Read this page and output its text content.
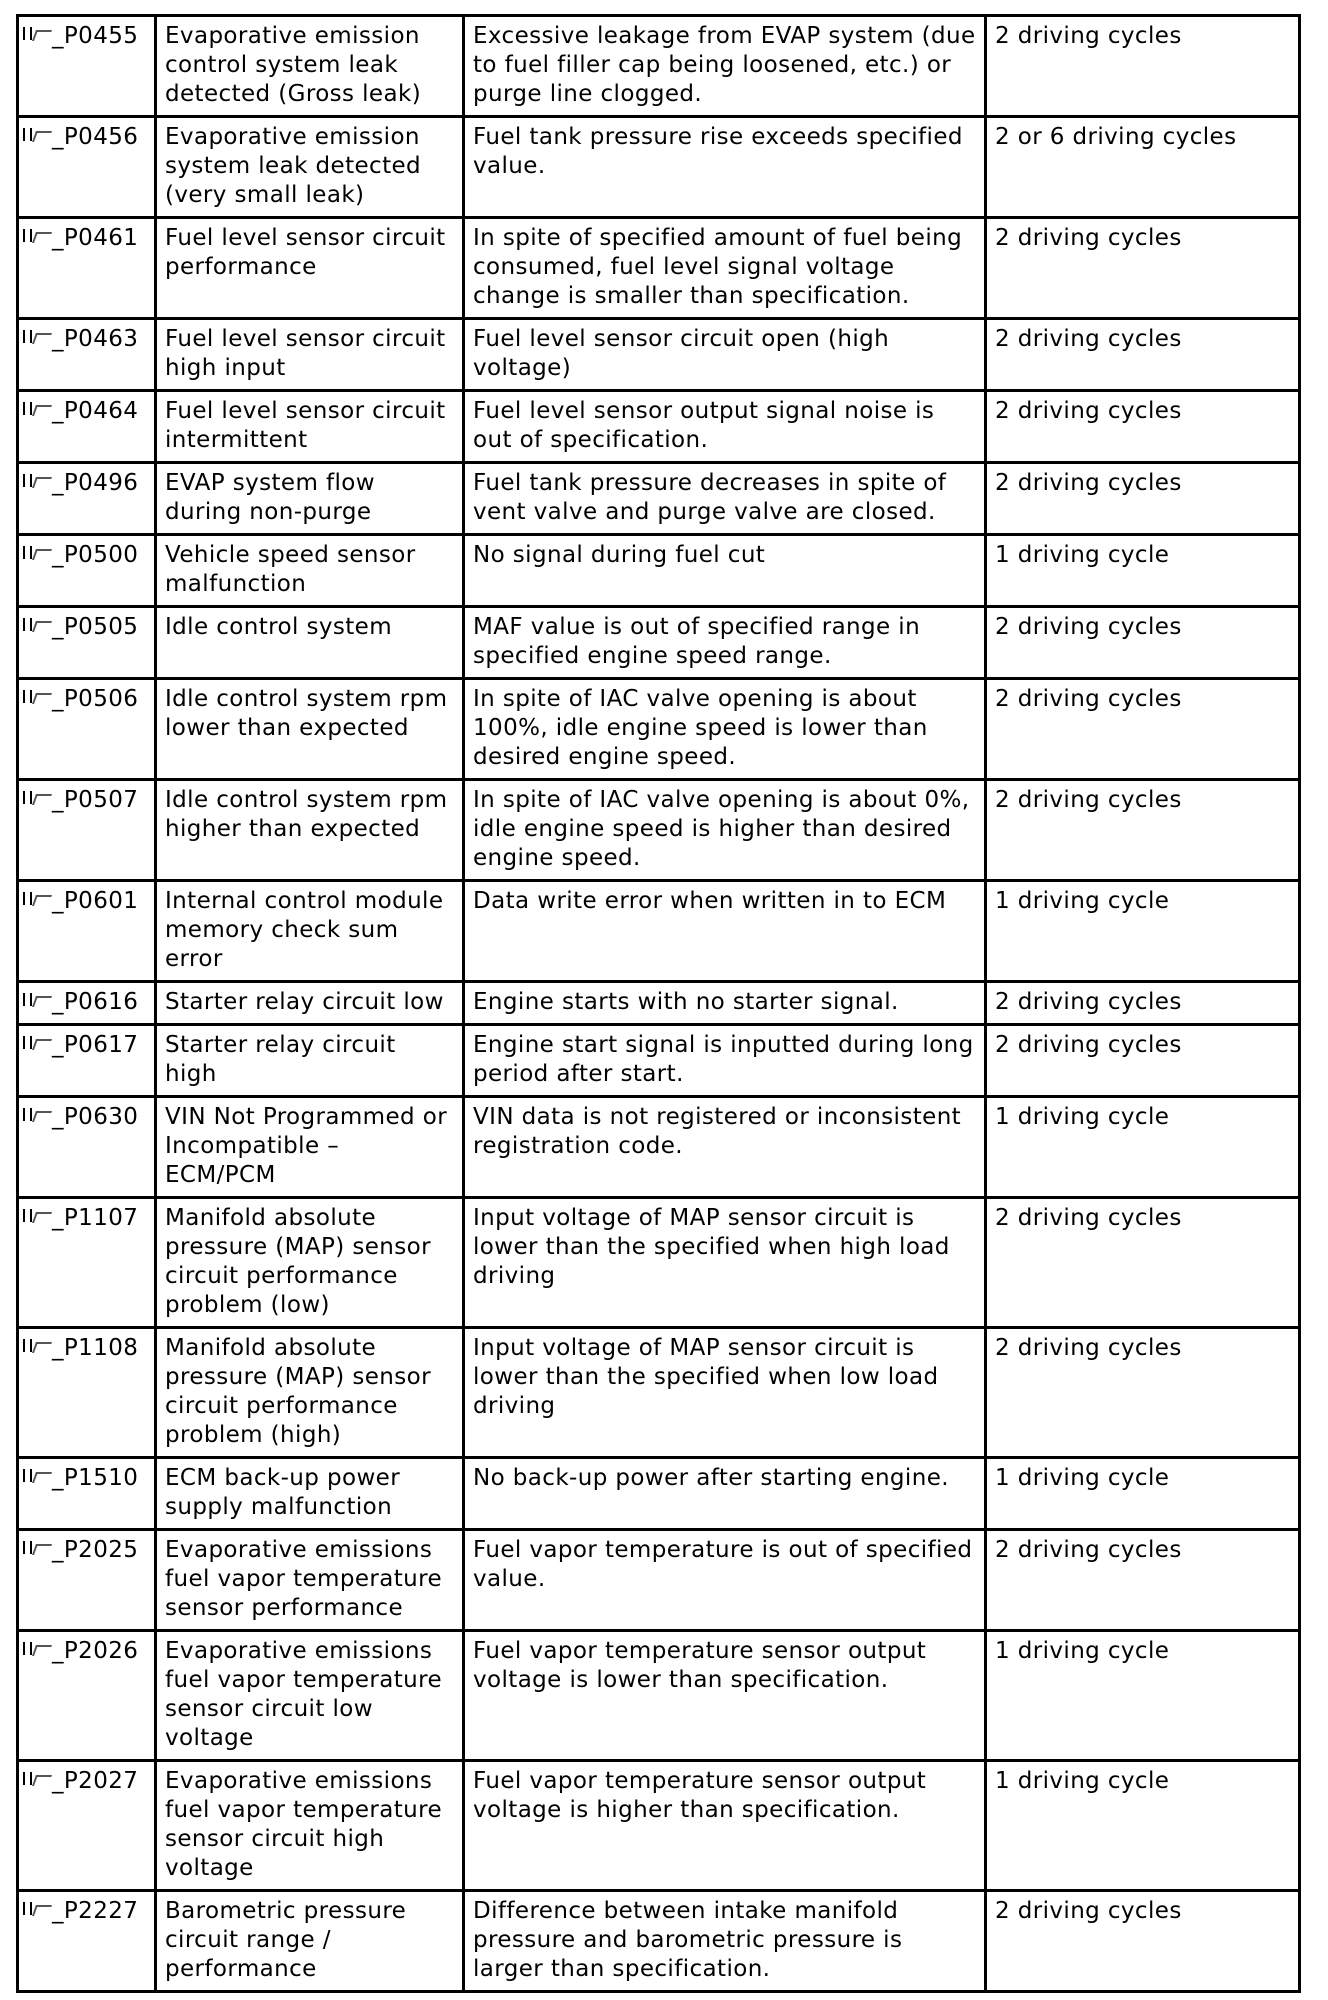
_P0455	Evaporative emission control system leak detected (Gross leak)	Excessive leakage from EVAP system (due to fuel filler cap being loosened, etc.) or purge line clogged.	2 driving cycles
_P0456	Evaporative emission system leak detected (very small leak)	Fuel tank pressure rise exceeds specified value.	2 or 6 driving cycles
_P0461	Fuel level sensor circuit performance	In spite of specified amount of fuel being consumed, fuel level signal voltage change is smaller than specification.	2 driving cycles
_P0463	Fuel level sensor circuit high input	Fuel level sensor circuit open (high voltage)	2 driving cycles
_P0464	Fuel level sensor circuit intermittent	Fuel level sensor output signal noise is out of specification.	2 driving cycles
_P0496	EVAP system flow during non-purge	Fuel tank pressure decreases in spite of vent valve and purge valve are closed.	2 driving cycles
_P0500	Vehicle speed sensor malfunction	No signal during fuel cut	1 driving cycle
_P0505	Idle control system	MAF value is out of specified range in specified engine speed range.	2 driving cycles
_P0506	Idle control system rpm lower than expected	In spite of IAC valve opening is about 100%, idle engine speed is lower than desired engine speed.	2 driving cycles
_P0507	Idle control system rpm higher than expected	In spite of IAC valve opening is about 0%, idle engine speed is higher than desired engine speed.	2 driving cycles
_P0601	Internal control module memory check sum error	Data write error when written in to ECM	1 driving cycle
_P0616	Starter relay circuit low	Engine starts with no starter signal.	2 driving cycles
_P0617	Starter relay circuit high	Engine start signal is inputted during long period after start.	2 driving cycles
_P0630	VIN Not Programmed or Incompatible – ECM/PCM	VIN data is not registered or inconsistent registration code.	1 driving cycle
_P1107	Manifold absolute pressure (MAP) sensor circuit performance problem (low)	Input voltage of MAP sensor circuit is lower than the specified when high load driving	2 driving cycles
_P1108	Manifold absolute pressure (MAP) sensor circuit performance problem (high)	Input voltage of MAP sensor circuit is lower than the specified when low load driving	2 driving cycles
_P1510	ECM back-up power supply malfunction	No back-up power after starting engine.	1 driving cycle
_P2025	Evaporative emissions fuel vapor temperature sensor performance	Fuel vapor temperature is out of specified value.	2 driving cycles
_P2026	Evaporative emissions fuel vapor temperature sensor circuit low voltage	Fuel vapor temperature sensor output voltage is lower than specification.	1 driving cycle
_P2027	Evaporative emissions fuel vapor temperature sensor circuit high voltage	Fuel vapor temperature sensor output voltage is higher than specification.	1 driving cycle
_P2227	Barometric pressure circuit range / performance	Difference between intake manifold pressure and barometric pressure is larger than specification.	2 driving cycles
